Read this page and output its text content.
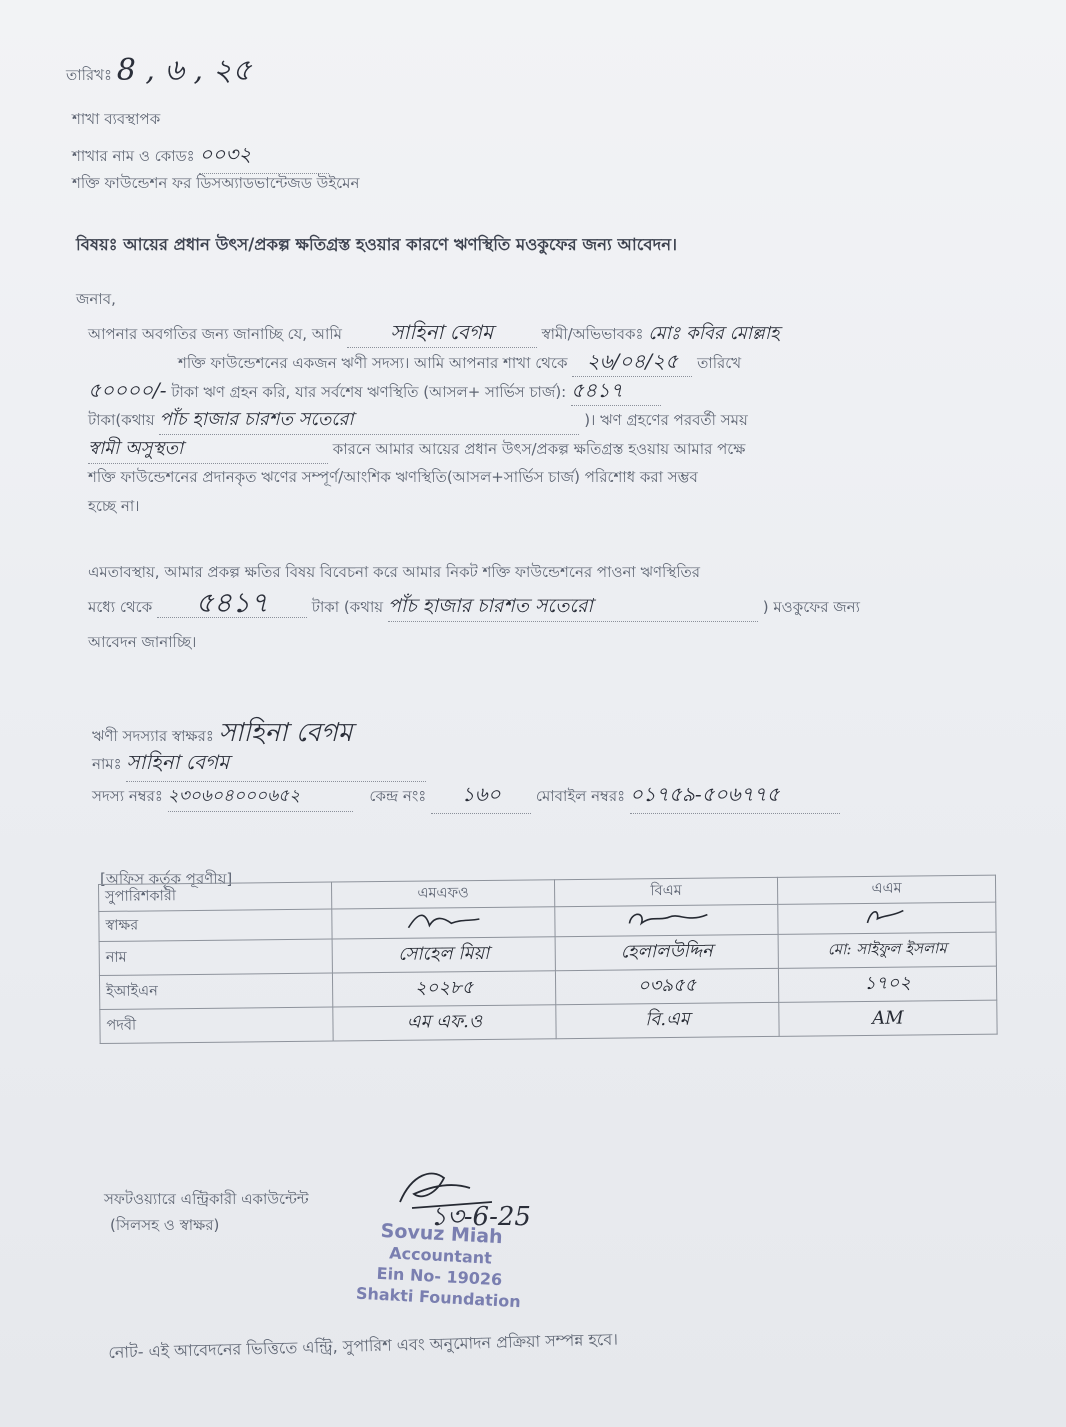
তারিখঃ 8 , ৬ , ২৫
শাখা ব্যবস্থাপক
শাখার নাম ও কোডঃ ০০৩২
শক্তি ফাউন্ডেশন ফর ডিসঅ্যাডভান্টেজড উইমেন
বিষয়ঃ আয়ের প্রধান উৎস/প্রকল্প ক্ষতিগ্রস্ত হওয়ার কারণে ঋণস্থিতি মওকুফের জন্য আবেদন।
জনাব,
আপনার অবগতির জন্য জানাচ্ছি যে, আমি সাহিনা বেগম	স্বামী/অভিভাবকঃ মোঃ কবির মোল্লাহ
শক্তি ফাউন্ডেশনের একজন ঋণী সদস্য। আমি আপনার শাখা থেকে ২৬/০৪/২৫ তারিখে
৫০০০০/- টাকা ঋণ গ্রহন করি, যার সর্বশেষ ঋণস্থিতি (আসল+ সার্ভিস চার্জ): ৫৪১৭
টাকা(কথায় পাঁচ হাজার চারশত সতেরো	)। ঋণ গ্রহণের পরবর্তী সময়
স্বামী অসুস্থতা	কারনে আমার আয়ের প্রধান উৎস/প্রকল্প ক্ষতিগ্রস্ত হওয়ায় আমার পক্ষে
শক্তি ফাউন্ডেশনের প্রদানকৃত ঋণের সম্পূর্ণ/আংশিক ঋণস্থিতি(আসল+সার্ভিস চার্জ) পরিশোধ করা সম্ভব
হচ্ছে না।
এমতাবস্থায়, আমার প্রকল্প ক্ষতির বিষয় বিবেচনা করে আমার নিকট শক্তি ফাউন্ডেশনের পাওনা ঋণস্থিতির
মধ্যে থেকে ৫৪১৭	টাকা (কথায় পাঁচ হাজার চারশত সতেরো	) মওকুফের জন্য
আবেদন জানাচ্ছি।
ঋণী সদস্যার স্বাক্ষরঃ সাহিনা বেগম
নামঃ সাহিনা বেগম
সদস্য নম্বরঃ ২৩০৬০৪০০০৬৫২	কেন্দ্র নংঃ ১৬০ মোবাইল নম্বরঃ ০১৭৫৯-৫০৬৭৭৫
[অফিস কর্তৃক পূরণীয়]
সুপারিশকারী	এমএফও	বিএম	এএম
স্বাক্ষর			
নাম	সোহেল মিয়া	হেলালউদ্দিন	মো: সাইফুল ইসলাম
ইআইএন	২০২৮৫	০৩৯৫৫	১৭০২
পদবী	এম এফ.ও	বি.এম	AM
সফটওয়্যারে এন্ট্রিকারী একাউন্টেন্ট
(সিলসহ ও স্বাক্ষর)	১৩-6-25
Sovuz Miah
Accountant
Ein No- 19026
Shakti Foundation
নোট- এই আবেদনের ভিত্তিতে এন্ট্রি, সুপারিশ এবং অনুমোদন প্রক্রিয়া সম্পন্ন হবে।
